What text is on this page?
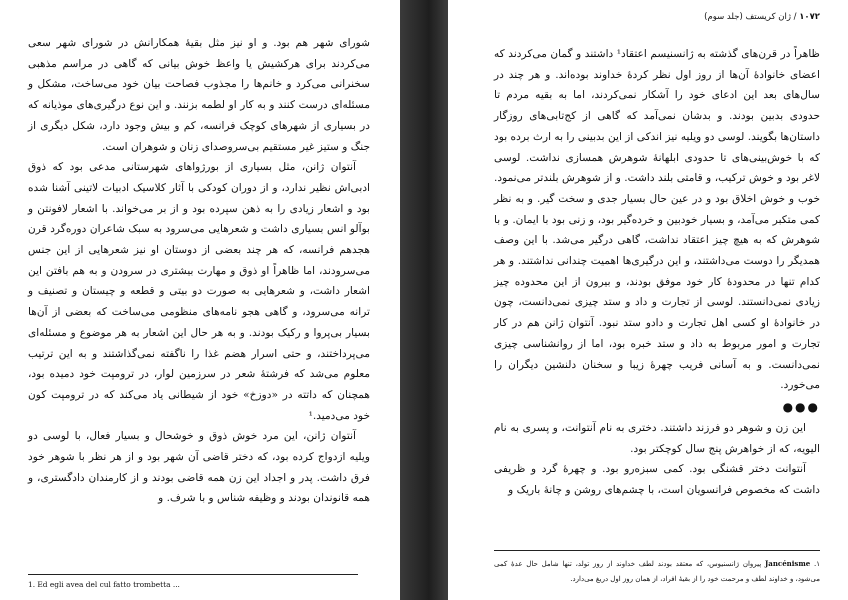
شورای شهر هم بود. و او نیز مثل بقیهٔ همکارانش در شورای شهر سعی می‌کردند برای هرکشیش یا واعظ خوش بیانی که گاهی در مراسم مذهبی سخنرانی می‌کرد و خانم‌ها را مجذوب فصاحت بیان خود می‌ساخت، مشکل و مسئله‌ای درست کنند و به کار او لطمه بزنند. و این نوع درگیری‌های موذیانه که در بسیاری از شهرهای کوچک فرانسه، کم و بیش وجود دارد، شکل دیگری از جنگ و ستیز غیر مستقیم بی‌سروصدای زنان و شوهران است.

آنتوان ژانن، مثل بسیاری از بورژواهای شهرستانی مدعی بود که ذوق ادبی‌اش نظیر ندارد، و از دوران کودکی با آثار کلاسیک ادبیات لاتینی آشنا شده بود و اشعار زیادی را به ذهن سپرده بود و از بر می‌خواند. با اشعار لافونتن و بوآلو انس بسیاری داشت و شعرهایی می‌سرود به سبک شاعران دوره‌گرد قرن هجدهم فرانسه، که هر چند بعضی از دوستان او نیز شعرهایی از این جنس می‌سرودند، اما ظاهراً او ذوق و مهارت بیشتری در سرودن و به هم بافتن این اشعار داشت، و شعرهایی به صورت دو بیتی و قطعه و چیستان و تصنیف و ترانه می‌سرود، و گاهی هجو نامه‌های منظومی می‌ساخت که بعضی از آن‌ها بسیار بی‌پروا و رکیک بودند. و به هر حال این اشعار به هر موضوع و مسئله‌ای می‌پرداختند، و حتی اسرار هضم غذا را ناگفته نمی‌گذاشتند و به این ترتیب معلوم می‌شد که فرشتهٔ شعر در سرزمین لوار، در ترومپت خود دمیده بود، همچنان که داتته در «دوزخ» خود از شیطانی یاد می‌کند که در ترومپت کون خود می‌دمید.¹

آنتوان ژانن، این مرد خوش ذوق و خوشحال و بسیار فعال، با لوسی دو ویلیه ازدواج کرده بود، که دختر قاضی آن شهر بود و از هر نظر با شوهر خود فرق داشت. پدر و اجداد این زن همه قاضی بودند و از کارمندان دادگستری، و همه قانوندان بودند و وظیفه شناس و با شرف. و

1. Ed egli avea del cul fatto trombetta ...
۱۰۷۲ / ژان کریستف (جلد سوم)

ظاهراً در قرن‌های گذشته به ژانسنیسم اعتقاد¹ داشتند و گمان می‌کردند که اعضای خانوادهٔ آن‌ها از روز اول نظر کردهٔ خداوند بوده‌اند. و هر چند در سال‌های بعد این ادعای خود را آشکار نمی‌کردند، اما به بقیه مردم تا حدودی بدبین بودند. و بدشان نمی‌آمد که گاهی از کج‌تابی‌های روزگار داستان‌ها بگویند. لوسی دو ویلیه نیز اندکی از این بدبینی را به ارث برده بود که با خوش‌بینی‌های تا حدودی ابلهانهٔ شوهرش همسازی نداشت. لوسی لاغر بود و خوش ترکیب، و قامتی بلند داشت. و از شوهرش بلندتر می‌نمود. خوب و خوش اخلاق بود و در عین حال بسیار جدی و سخت گیر. و به نظر کمی متکبر می‌آمد، و بسیار خودبین و خرده‌گیر بود، و زنی بود با ایمان. و با شوهرش که به هیچ چیز اعتقاد نداشت، گاهی درگیر می‌شد. با این وصف همدیگر را دوست می‌داشتند، و این درگیری‌ها اهمیت چندانی نداشتند. و هر کدام تنها در محدودهٔ کار خود موفق بودند، و بیرون از این محدوده چیز زیادی نمی‌دانستند. لوسی از تجارت و داد و ستد چیزی نمی‌دانست، چون در خانوادهٔ او کسی اهل تجارت و دادو ستد نبود. آنتوان ژانن هم در کار تجارت و امور مربوط به داد و ستد خبره بود، اما از روانشناسی چیزی نمی‌دانست. و به آسانی فریب چهرهٔ زیبا و سخنان دلنشین دیگران را می‌خورد.

●●●

این زن و شوهر دو فرزند داشتند. دختری به نام آنتوانت، و پسری به نام الیویه، که از خواهرش پنج سال کوچکتر بود.

آنتوانت دختر قشنگی بود. کمی سبزه‌رو بود. و چهرهٔ گرد و ظریفی داشت که مخصوص فرانسویان است، با چشم‌های روشن و چانهٔ باریک و

۱. Jancénisme پیروان ژانسنیوس، که معتقد بودند لطف خداوند از روز تولد، تنها شامل حال عدهٔ کمی می‌شود، و خداوند لطف و مرحمت خود را از بقیهٔ افراد، از همان روز اول دریغ می‌دارد.
